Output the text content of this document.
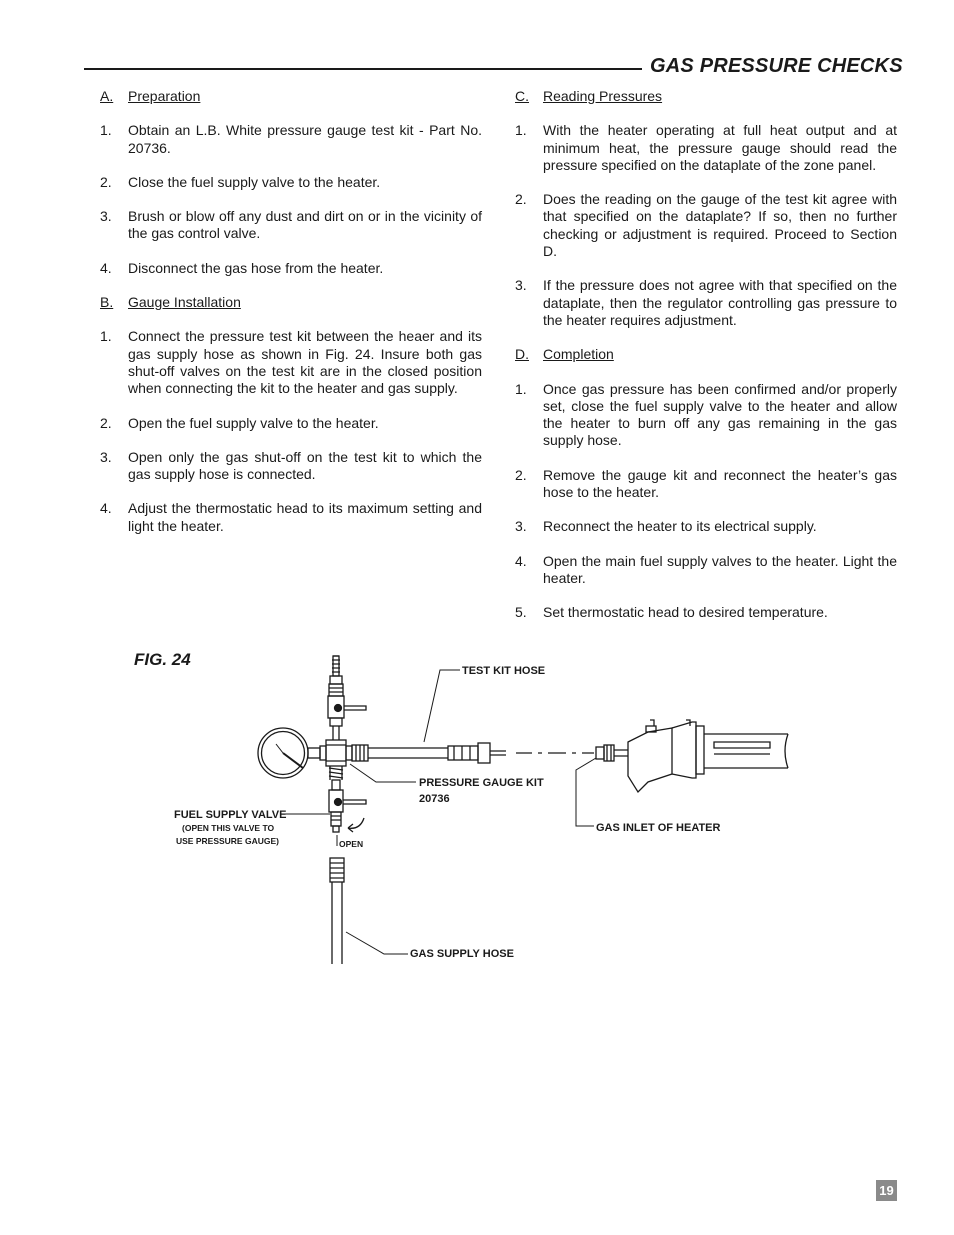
GAS PRESSURE CHECKS
A.	Preparation
1.	Obtain an L.B. White pressure gauge test kit - Part No. 20736.
2.	Close the fuel supply valve to the heater.
3.	Brush or blow off any dust and dirt on or in the vicinity of the gas control valve.
4.	Disconnect the gas hose from the heater.
B.	Gauge Installation
1.	Connect the pressure test kit between the heaer and its gas supply hose as shown in Fig. 24. Insure both gas shut-off valves on the test kit are in the closed position when connecting the kit to the heater and gas supply.
2.	Open the fuel supply valve to the heater.
3.	Open only the gas shut-off on the test kit to which the gas supply hose is connected.
4.	Adjust the thermostatic head to its maximum setting and light the heater.
C.	Reading Pressures
1.	With the heater operating at full heat output and at minimum heat, the pressure gauge should read the pressure specified on the dataplate of the zone panel.
2.	Does the reading on the gauge of the test kit agree with that specified on the dataplate? If so, then no further checking or adjustment is required. Proceed to Section D.
3.	If the pressure does not agree with that specified on the dataplate, then the regulator controlling gas pressure to the heater requires adjustment.
D.	Completion
1.	Once gas pressure has been confirmed and/or properly set, close the fuel supply valve to the heater and allow the heater to burn off any gas remaining in the gas supply hose.
2.	Remove the gauge kit and reconnect the heater’s gas hose to the heater.
3.	Reconnect the heater to its electrical supply.
4.	Open the main fuel supply valves to the heater. Light the heater.
5.	Set thermostatic head to desired temperature.
FIG. 24
TEST KIT HOSE
PRESSURE GAUGE KIT
20736
FUEL SUPPLY VALVE
(OPEN THIS VALVE TO
USE PRESSURE GAUGE)	OPEN
GAS INLET OF HEATER
GAS SUPPLY HOSE
19
